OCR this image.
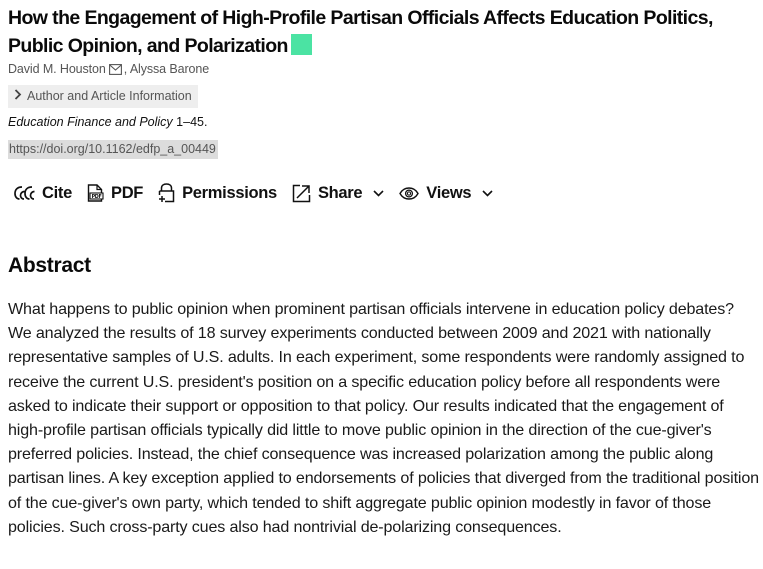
How the Engagement of High-Profile Partisan Officials Affects Education Politics, Public Opinion, and Polarization
David M. Houston , Alyssa Barone
Author and Article Information
Education Finance and Policy 1–45.
https://doi.org/10.1162/edfp_a_00449
Cite	PDF PDF Permissions Share	Views
Abstract

What happens to public opinion when prominent partisan officials intervene in education policy debates? We analyzed the results of 18 survey experiments conducted between 2009 and 2021 with nationally representative samples of U.S. adults. In each experiment, some respondents were randomly assigned to receive the current U.S. president's position on a specific education policy before all respondents were asked to indicate their support or opposition to that policy. Our results indicated that the engagement of high-profile partisan officials typically did little to move public opinion in the direction of the cue-giver's preferred policies. Instead, the chief consequence was increased polarization among the public along partisan lines. A key exception applied to endorsements of policies that diverged from the traditional position of the cue-giver's own party, which tended to shift aggregate public opinion modestly in favor of those policies. Such cross-party cues also had nontrivial de-polarizing consequences.
